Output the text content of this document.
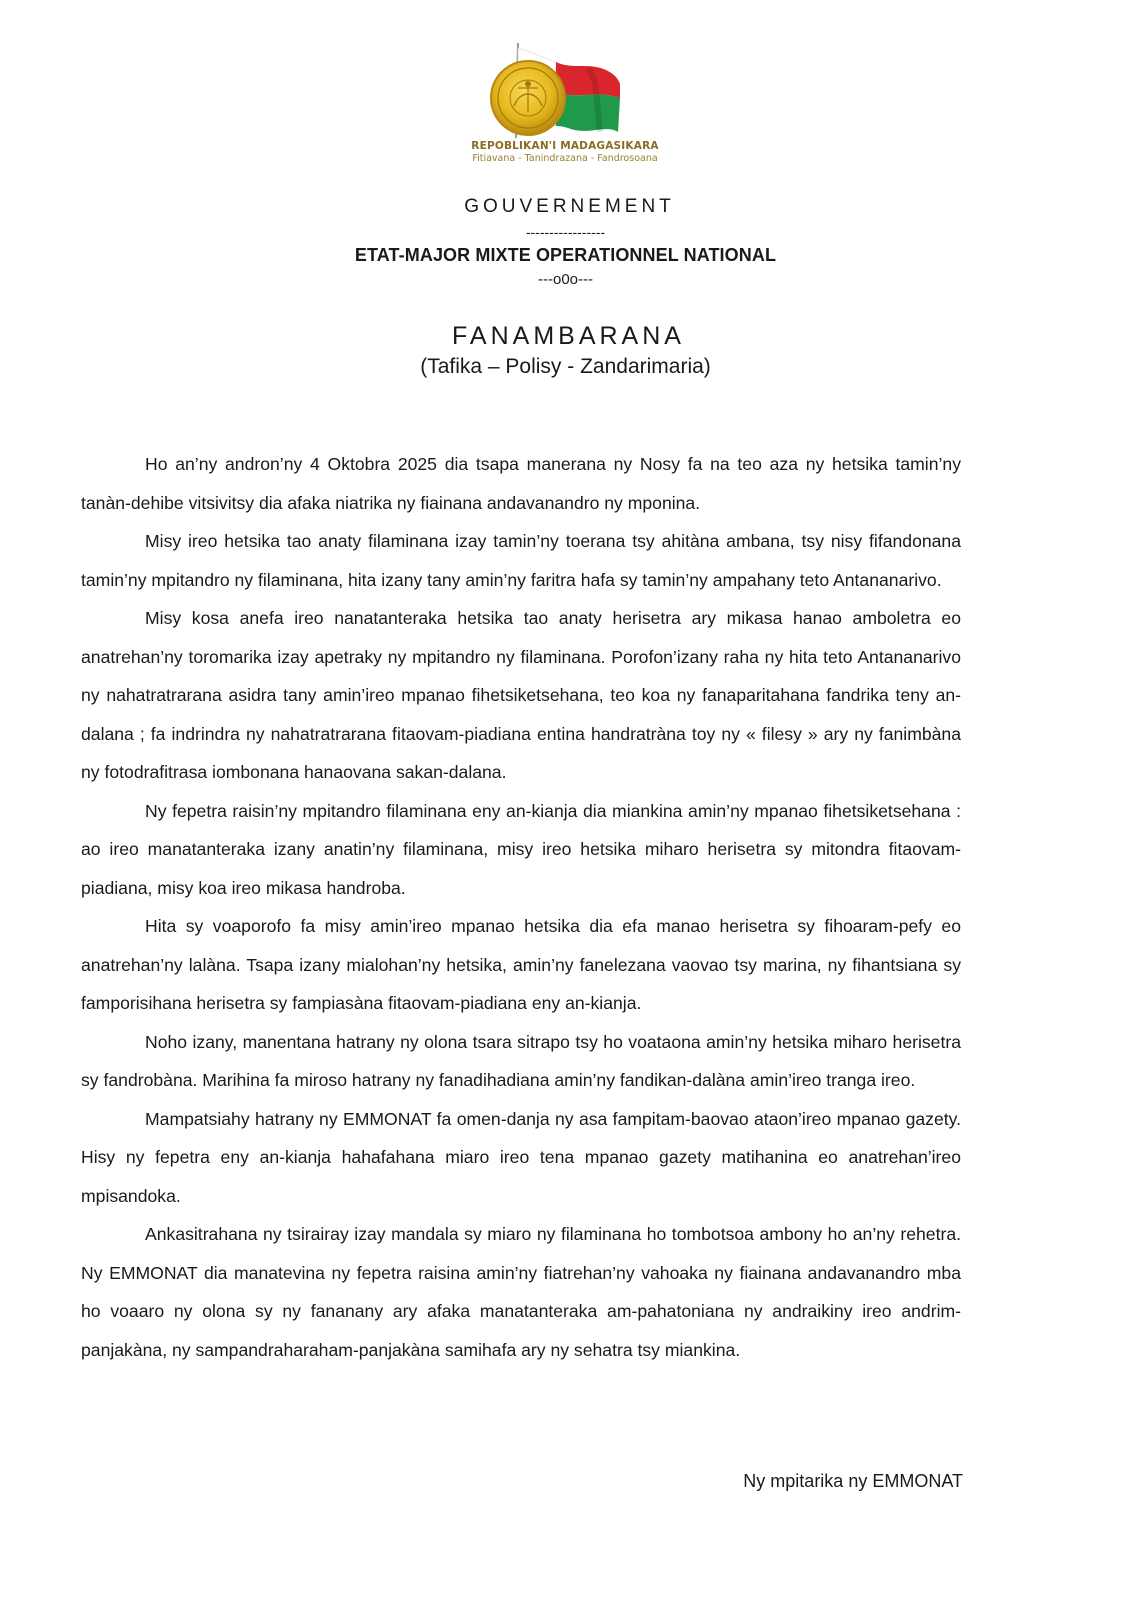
REPOBLIKAN'I MADAGASIKARA
Fitiavana - Tanindrazana - Fandrosoana
GOUVERNEMENT
-----------------
ETAT-MAJOR MIXTE OPERATIONNEL NATIONAL
---o0o---
FANAMBARANA
(Tafika – Polisy - Zandarimaria)

Ho an’ny andron’ny 4 Oktobra 2025 dia tsapa manerana ny Nosy fa na teo aza ny hetsika tamin’ny tanàn-dehibe vitsivitsy dia afaka niatrika ny fiainana andavanandro ny mponina.

Misy ireo hetsika tao anaty filaminana izay tamin’ny toerana tsy ahitàna ambana, tsy nisy fifandonana tamin’ny mpitandro ny filaminana, hita izany tany amin’ny faritra hafa sy tamin’ny ampahany teto Antananarivo.

Misy kosa anefa ireo nanatanteraka hetsika tao anaty herisetra ary mikasa hanao amboletra eo anatrehan’ny toromarika izay apetraky ny mpitandro ny filaminana. Porofon’izany raha ny hita teto Antananarivo ny nahatratrarana asidra tany amin’ireo mpanao fihetsiketsehana, teo koa ny fanaparitahana fandrika teny an-dalana ; fa indrindra ny nahatratrarana fitaovam-piadiana entina handratràna toy ny « filesy » ary ny fanimbàna ny fotodrafitrasa iombonana hanaovana sakan-dalana.

Ny fepetra raisin’ny mpitandro filaminana eny an-kianja dia miankina amin’ny mpanao fihetsiketsehana : ao ireo manatanteraka izany anatin’ny filaminana, misy ireo hetsika miharo herisetra sy mitondra fitaovam-piadiana, misy koa ireo mikasa handroba.

Hita sy voaporofo fa misy amin’ireo mpanao hetsika dia efa manao herisetra sy fihoaram-pefy eo anatrehan’ny lalàna. Tsapa izany mialohan’ny hetsika, amin’ny fanelezana vaovao tsy marina, ny fihantsiana sy famporisihana herisetra sy fampiasàna fitaovam-piadiana eny an-kianja.

Noho izany, manentana hatrany ny olona tsara sitrapo tsy ho voataona amin’ny hetsika miharo herisetra sy fandrobàna. Marihina fa miroso hatrany ny fanadihadiana amin’ny fandikan-dalàna amin’ireo tranga ireo.

Mampatsiahy hatrany ny EMMONAT fa omen-danja ny asa fampitam-baovao ataon’ireo mpanao gazety. Hisy ny fepetra eny an-kianja hahafahana miaro ireo tena mpanao gazety matihanina eo anatrehan’ireo mpisandoka.

Ankasitrahana ny tsirairay izay mandala sy miaro ny filaminana ho tombotsoa ambony ho an’ny rehetra. Ny EMMONAT dia manatevina ny fepetra raisina amin’ny fiatrehan’ny vahoaka ny fiainana andavanandro mba ho voaaro ny olona sy ny fananany ary afaka manatanteraka am-pahatoniana ny andraikiny ireo andrim-panjakàna, ny sampandraharaham-panjakàna samihafa ary ny sehatra tsy miankina.

Ny mpitarika ny EMMONAT
